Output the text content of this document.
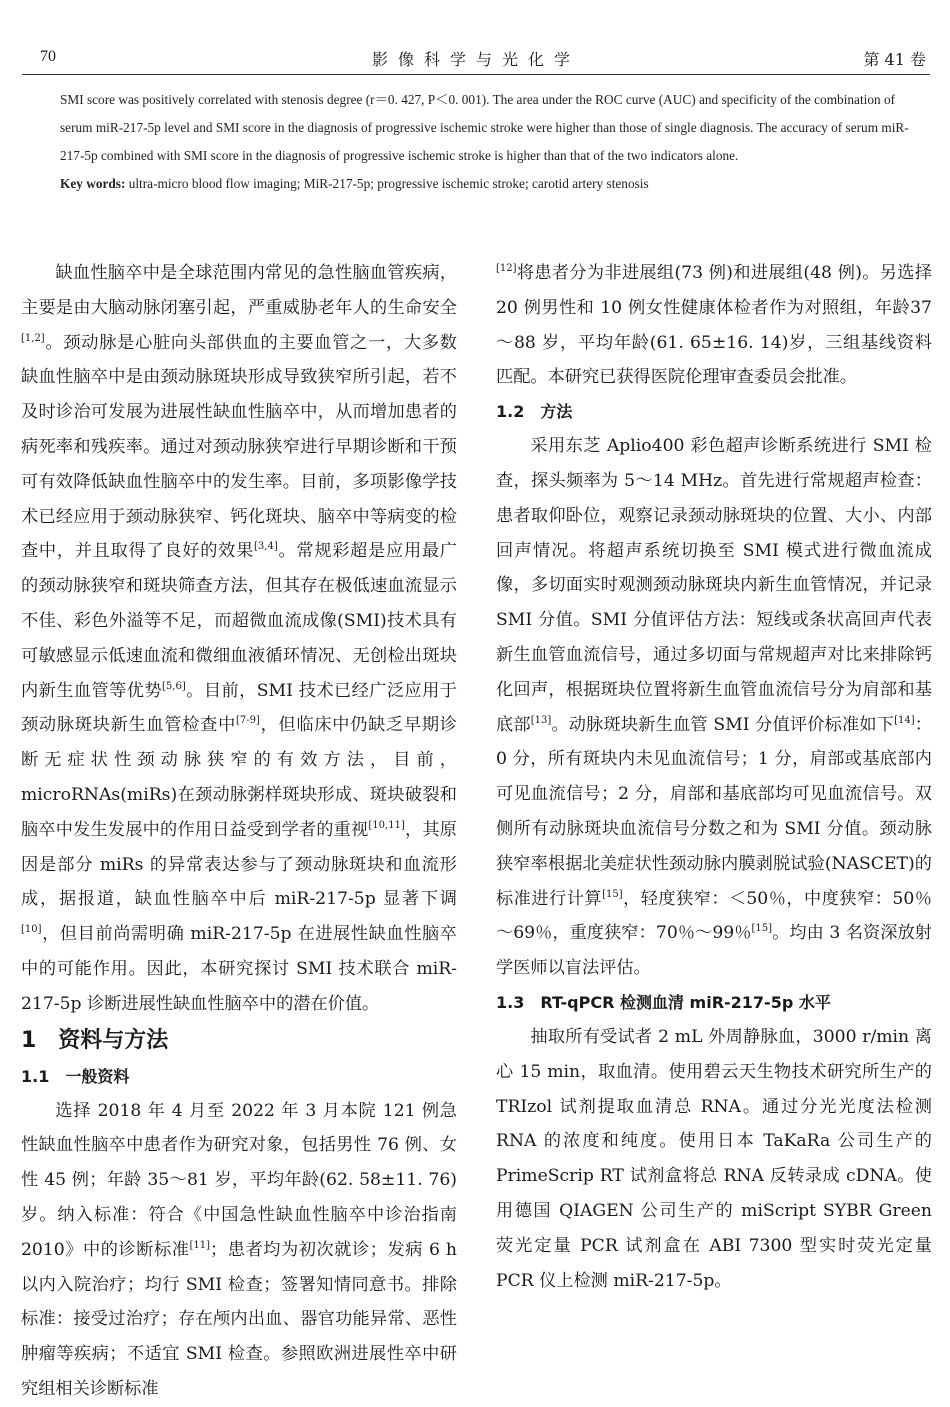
70	影像科学与光化学	第 41 卷

SMI score was positively correlated with stenosis degree (r＝0. 427, P＜0. 001). The area under the ROC curve (AUC) and specificity of the combination of serum miR-217-5p level and SMI score in the diagnosis of progressive ischemic stroke were higher than those of single diagnosis. The accuracy of serum miR-217-5p combined with SMI score in the diagnosis of progressive ischemic stroke is higher than that of the two indicators alone.

Key words: ultra-micro blood flow imaging; MiR-217-5p; progressive ischemic stroke; carotid artery stenosis

缺血性脑卒中是全球范围内常见的急性脑血管疾病，主要是由大脑动脉闭塞引起，严重威胁老年人的生命安全[1,2]。颈动脉是心脏向头部供血的主要血管之一，大多数缺血性脑卒中是由颈动脉斑块形成导致狭窄所引起，若不及时诊治可发展为进展性缺血性脑卒中，从而增加患者的病死率和残疾率。通过对颈动脉狭窄进行早期诊断和干预可有效降低缺血性脑卒中的发生率。目前，多项影像学技术已经应用于颈动脉狭窄、钙化斑块、脑卒中等病变的检查中，并且取得了良好的效果[3,4]。常规彩超是应用最广的颈动脉狭窄和斑块筛查方法，但其存在极低速血流显示不佳、彩色外溢等不足，而超微血流成像(SMI)技术具有可敏感显示低速血流和微细血液循环情况、无创检出斑块内新生血管等优势[5,6]。目前，SMI 技术已经广泛应用于颈动脉斑块新生血管检查中[7-9]，但临床中仍缺乏早期诊断无症状性颈动脉狭窄的有效方法，目前，microRNAs(miRs)在颈动脉粥样斑块形成、斑块破裂和脑卒中发生发展中的作用日益受到学者的重视[10,11]，其原因是部分 miRs 的异常表达参与了颈动脉斑块和血流形成，据报道，缺血性脑卒中后 miR-217-5p 显著下调[10]，但目前尚需明确 miR-217-5p 在进展性缺血性脑卒中的可能作用。因此，本研究探讨 SMI 技术联合 miR-217-5p 诊断进展性缺血性脑卒中的潜在价值。

1　资料与方法

1.1　一般资料

选择 2018 年 4 月至 2022 年 3 月本院 121 例急性缺血性脑卒中患者作为研究对象，包括男性 76 例、女性 45 例；年龄 35～81 岁，平均年龄(62. 58±11. 76)岁。纳入标准：符合《中国急性缺血性脑卒中诊治指南 2010》中的诊断标准[11]；患者均为初次就诊；发病 6 h 以内入院治疗；均行 SMI 检查；签署知情同意书。排除标准：接受过治疗；存在颅内出血、器官功能异常、恶性肿瘤等疾病；不适宜 SMI 检查。参照欧洲进展性卒中研究组相关诊断标准

[12]将患者分为非进展组(73 例)和进展组(48 例)。另选择 20 例男性和 10 例女性健康体检者作为对照组，年龄37～88 岁，平均年龄(61. 65±16. 14)岁，三组基线资料匹配。本研究已获得医院伦理审查委员会批准。

1.2　方法

采用东芝 Aplio400 彩色超声诊断系统进行 SMI 检查，探头频率为 5～14 MHz。首先进行常规超声检查：患者取仰卧位，观察记录颈动脉斑块的位置、大小、内部回声情况。将超声系统切换至 SMI 模式进行微血流成像，多切面实时观测颈动脉斑块内新生血管情况，并记录 SMI 分值。SMI 分值评估方法：短线或条状高回声代表新生血管血流信号，通过多切面与常规超声对比来排除钙化回声，根据斑块位置将新生血管血流信号分为肩部和基底部[13]。动脉斑块新生血管 SMI 分值评价标准如下[14]：0 分，所有斑块内未见血流信号；1 分，肩部或基底部内可见血流信号；2 分，肩部和基底部均可见血流信号。双侧所有动脉斑块血流信号分数之和为 SMI 分值。颈动脉狭窄率根据北美症状性颈动脉内膜剥脱试验(NASCET)的标准进行计算[15]，轻度狭窄：＜50％，中度狭窄：50％～69％，重度狭窄：70％～99％[15]。均由 3 名资深放射学医师以盲法评估。

1.3　RT-qPCR 检测血清 miR-217-5p 水平

抽取所有受试者 2 mL 外周静脉血，3000 r/min 离心 15 min，取血清。使用碧云天生物技术研究所生产的 TRIzol 试剂提取血清总 RNA。通过分光光度法检测 RNA 的浓度和纯度。使用日本 TaKaRa 公司生产的 PrimeScrip RT 试剂盒将总 RNA 反转录成 cDNA。使用德国 QIAGEN 公司生产的 miScript SYBR Green 荧光定量 PCR 试剂盒在 ABI 7300 型实时荧光定量 PCR 仪上检测 miR-217-5p。
